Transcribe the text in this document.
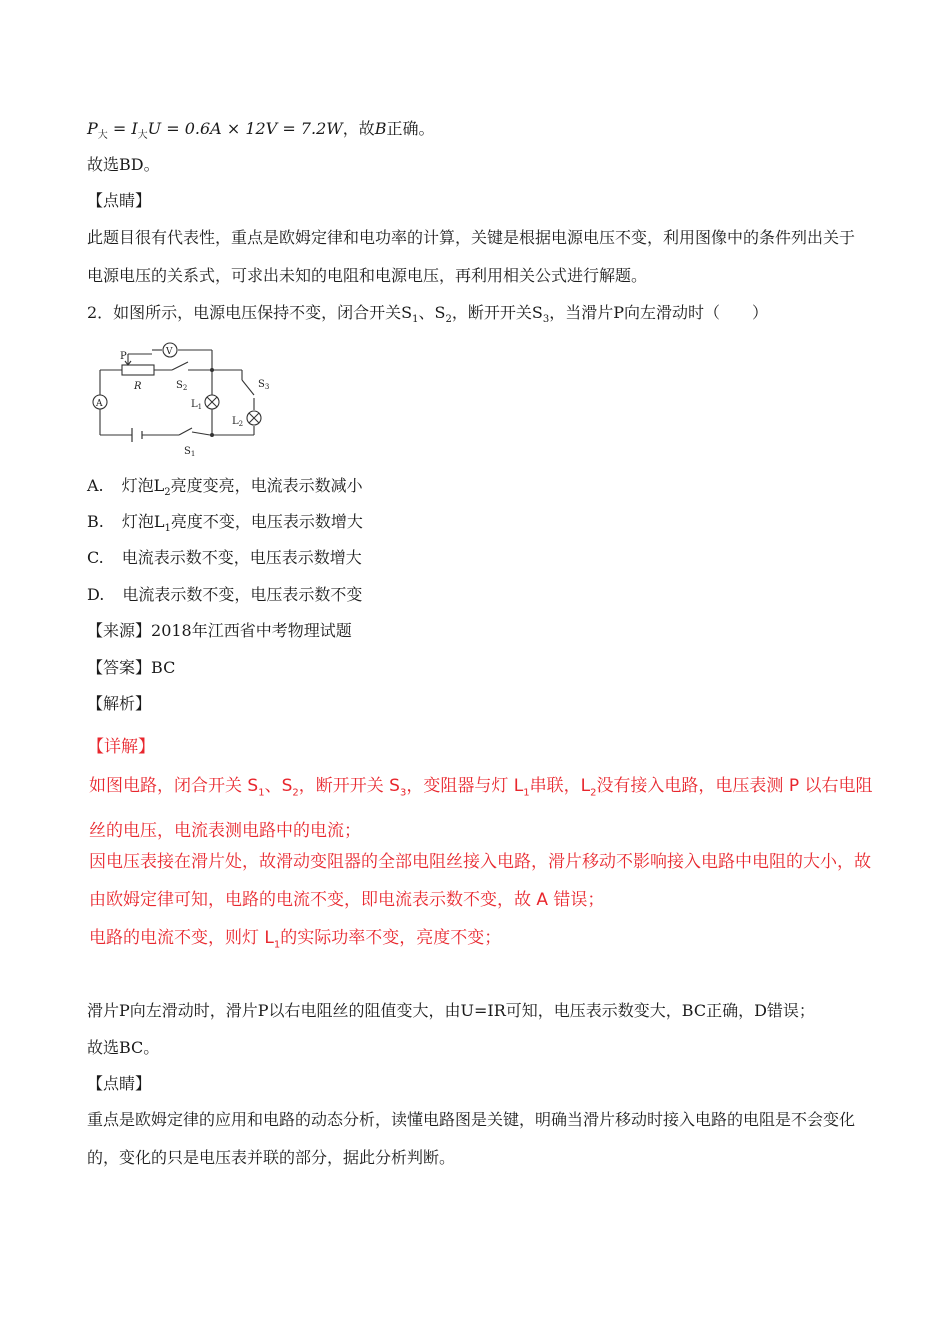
$P_大 = I_大U = 0.6A \times 12V = 7.2W$，故B正确。
故选BD。
【点睛】
此题目很有代表性，重点是欧姆定律和电功率的计算，关键是根据电源电压不变，利用图像中的条件列出关于电源电压的关系式，可求出未知的电阻和电源电压，再利用相关公式进行解题。
2．如图所示，电源电压保持不变，闭合开关$S_1$、$S_2$，断开开关$S_3$，当滑片P向左滑动时（　　）
P	V
R
A
$S_2$	$S_3$
$L_1$
$L_2$
$S_1$
A. 灯泡$L_2$亮度变亮，电流表示数减小
B. 灯泡$L_1$亮度不变，电压表示数增大
C. 电流表示数不变，电压表示数增大
D. 电流表示数不变，电压表示数不变
【来源】2018年江西省中考物理试题
【答案】BC
【解析】
【详解】
如图电路，闭合开关 $S_1$、$S_2$，断开开关 $S_3$，变阻器与灯 $L_1$串联，$L_2$没有接入电路，电压表测 P 以右电阻丝的电压，电流表测电路中的电流；
因电压表接在滑片处，故滑动变阻器的全部电阻丝接入电路，滑片移动不影响接入电路中电阻的大小，故由欧姆定律可知，电路的电流不变，即电流表示数不变，故 A 错误；
电路的电流不变，则灯 $L_1$的实际功率不变，亮度不变；
滑片P向左滑动时，滑片P以右电阻丝的阻值变大，由U=IR可知，电压表示数变大，BC正确，D错误；
故选BC。
【点睛】
重点是欧姆定律的应用和电路的动态分析，读懂电路图是关键，明确当滑片移动时接入电路的电阻是不会变化的，变化的只是电压表并联的部分，据此分析判断。
